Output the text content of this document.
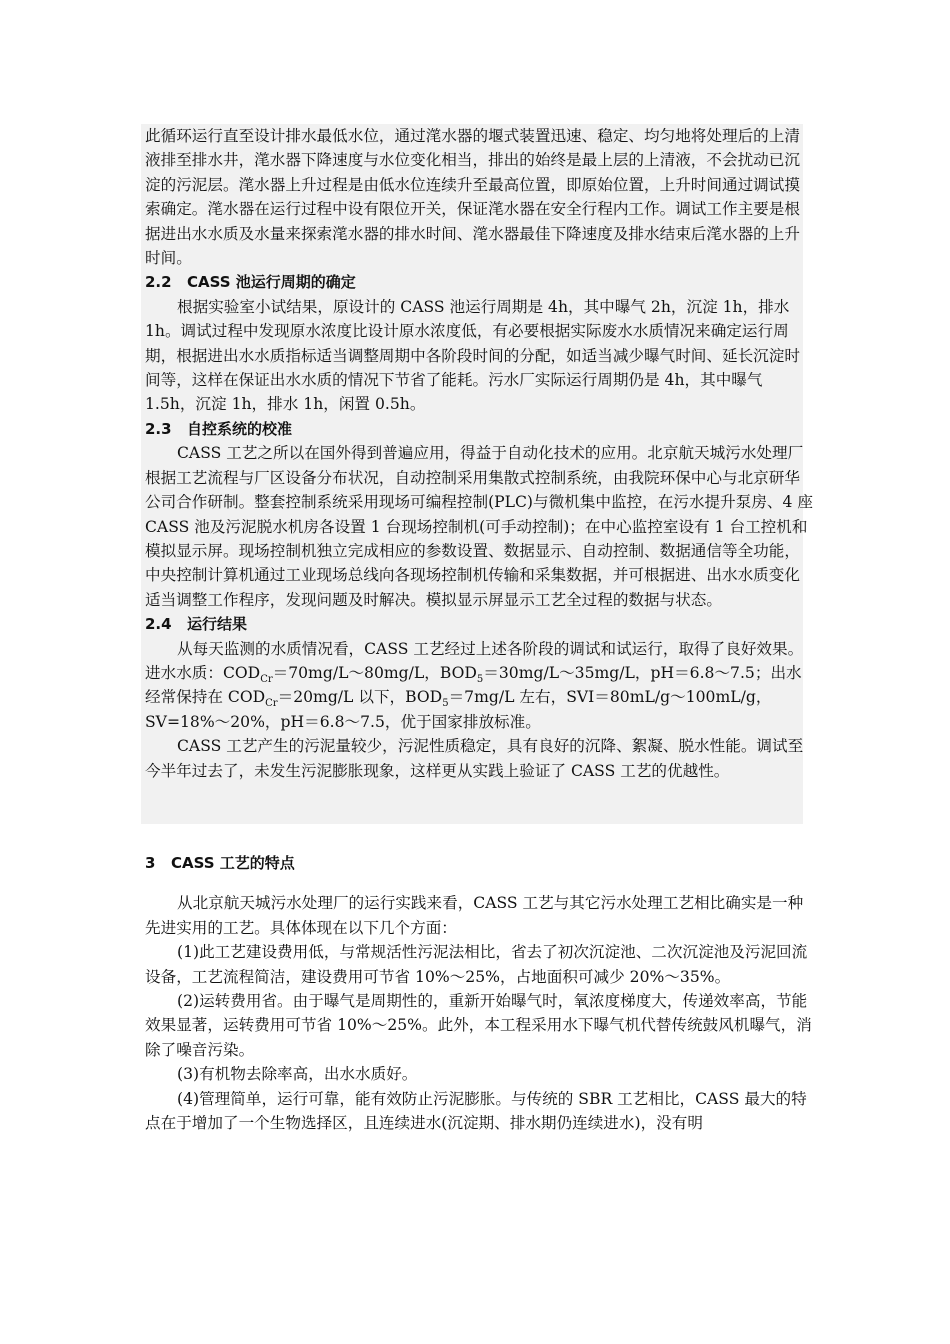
此循环运行直至设计排水最低水位，通过滗水器的堰式装置迅速、稳定、均匀地将处理后的上清液排至排水井，滗水器下降速度与水位变化相当，排出的始终是最上层的上清液，不会扰动已沉淀的污泥层。滗水器上升过程是由低水位连续升至最高位置，即原始位置，上升时间通过调试摸索确定。滗水器在运行过程中设有限位开关，保证滗水器在安全行程内工作。调试工作主要是根据进出水水质及水量来探索滗水器的排水时间、滗水器最佳下降速度及排水结束后滗水器的上升时间。

2.2 CASS 池运行周期的确定

根据实验室小试结果，原设计的 CASS 池运行周期是 4h，其中曝气 2h，沉淀 1h，排水 1h。调试过程中发现原水浓度比设计原水浓度低，有必要根据实际废水水质情况来确定运行周期，根据进出水水质指标适当调整周期中各阶段时间的分配，如适当减少曝气时间、延长沉淀时间等，这样在保证出水水质的情况下节省了能耗。污水厂实际运行周期仍是 4h，其中曝气 1.5h，沉淀 1h，排水 1h，闲置 0.5h。

2.3 自控系统的校准

CASS 工艺之所以在国外得到普遍应用，得益于自动化技术的应用。北京航天城污水处理厂根据工艺流程与厂区设备分布状况，自动控制采用集散式控制系统，由我院环保中心与北京研华公司合作研制。整套控制系统采用现场可编程控制(PLC)与微机集中监控，在污水提升泵房、4 座 CASS 池及污泥脱水机房各设置 1 台现场控制机(可手动控制)；在中心监控室设有 1 台工控机和模拟显示屏。现场控制机独立完成相应的参数设置、数据显示、自动控制、数据通信等全功能，中央控制计算机通过工业现场总线向各现场控制机传输和采集数据，并可根据进、出水水质变化适当调整工作程序，发现问题及时解决。模拟显示屏显示工艺全过程的数据与状态。

2.4 运行结果

从每天监测的水质情况看，CASS 工艺经过上述各阶段的调试和试运行，取得了良好效果。进水水质：$COD_{Cr}=70mg/L\sim 80mg/L$，$BOD_5=30mg/L\sim 35mg/L$，pH＝6.8～7.5；出水经常保持在 $COD_{Cr}=20mg/L$ 以下，$BOD_5=7mg/L$ 左右，SVI＝80mL/g～100mL/g，SV=18%～20%，pH＝6.8～7.5，优于国家排放标准。

CASS 工艺产生的污泥量较少，污泥性质稳定，具有良好的沉降、絮凝、脱水性能。调试至今半年过去了，未发生污泥膨胀现象，这样更从实践上验证了 CASS 工艺的优越性。

3 CASS 工艺的特点

从北京航天城污水处理厂的运行实践来看，CASS 工艺与其它污水处理工艺相比确实是一种先进实用的工艺。具体体现在以下几个方面：

(1)此工艺建设费用低，与常规活性污泥法相比，省去了初次沉淀池、二次沉淀池及污泥回流设备，工艺流程简洁，建设费用可节省 10%～25%，占地面积可减少 20%～35%。

(2)运转费用省。由于曝气是周期性的，重新开始曝气时，氧浓度梯度大，传递效率高，节能效果显著，运转费用可节省 10%～25%。此外，本工程采用水下曝气机代替传统鼓风机曝气，消除了噪音污染。

(3)有机物去除率高，出水水质好。

(4)管理简单，运行可靠，能有效防止污泥膨胀。与传统的 SBR 工艺相比，CASS 最大的特点在于增加了一个生物选择区，且连续进水(沉淀期、排水期仍连续进水)，没有明
